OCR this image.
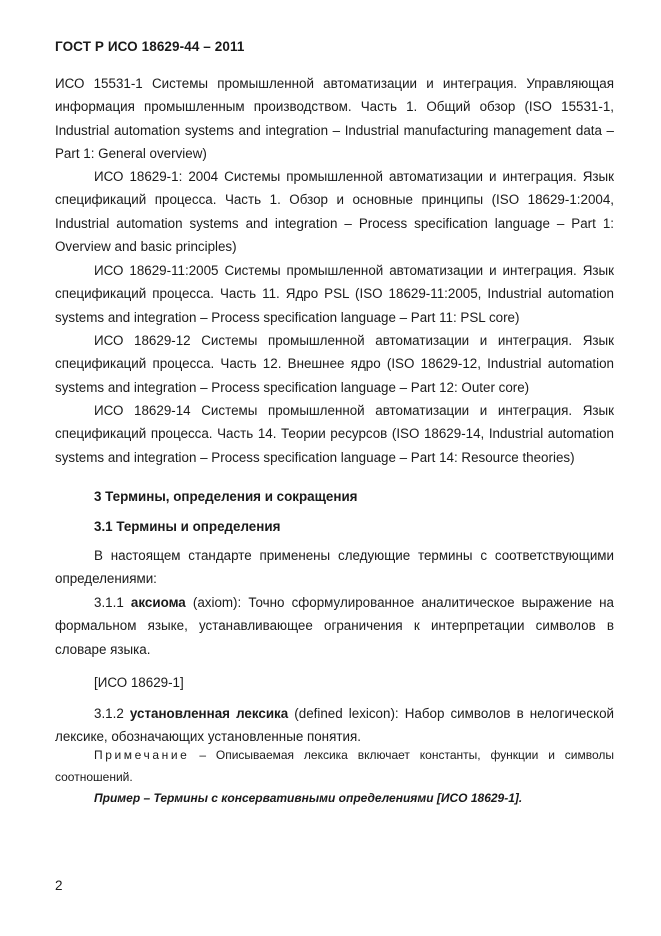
ГОСТ Р ИСО 18629-44 – 2011

ИСО 15531-1 Системы промышленной автоматизации и интеграция. Управляющая информация промышленным производством. Часть 1. Общий обзор (ISO 15531-1, Industrial automation systems and integration – Industrial manufacturing management data – Part 1: General overview)

ИСО 18629-1: 2004 Системы промышленной автоматизации и интеграция. Язык спецификаций процесса. Часть 1. Обзор и основные принципы (ISO 18629-1:2004, Industrial automation systems and integration – Process specification language – Part 1: Overview and basic principles)

ИСО 18629-11:2005 Системы промышленной автоматизации и интеграция. Язык спецификаций процесса. Часть 11. Ядро PSL (ISO 18629-11:2005, Industrial automation systems and integration – Process specification language – Part 11: PSL core)

ИСО 18629-12 Системы промышленной автоматизации и интеграция. Язык спецификаций процесса. Часть 12. Внешнее ядро (ISO 18629-12, Industrial automation systems and integration – Process specification language – Part 12: Outer core)

ИСО 18629-14 Системы промышленной автоматизации и интеграция. Язык спецификаций процесса. Часть 14. Теории ресурсов (ISO 18629-14, Industrial automation systems and integration – Process specification language – Part 14: Resource theories)

3 Термины, определения и сокращения
3.1 Термины и определения

В настоящем стандарте применены следующие термины с соответствующими определениями:

3.1.1 аксиома (axiom): Точно сформулированное аналитическое выражение на формальном языке, устанавливающее ограничения к интерпретации символов в словаре языка.

[ИСО 18629-1]

3.1.2 установленная лексика (defined lexicon): Набор символов в нелогической лексике, обозначающих установленные понятия.

Примечание – Описываемая лексика включает константы, функции и символы соотношений.

Пример – Термины с консервативными определениями [ИСО 18629-1].
2
